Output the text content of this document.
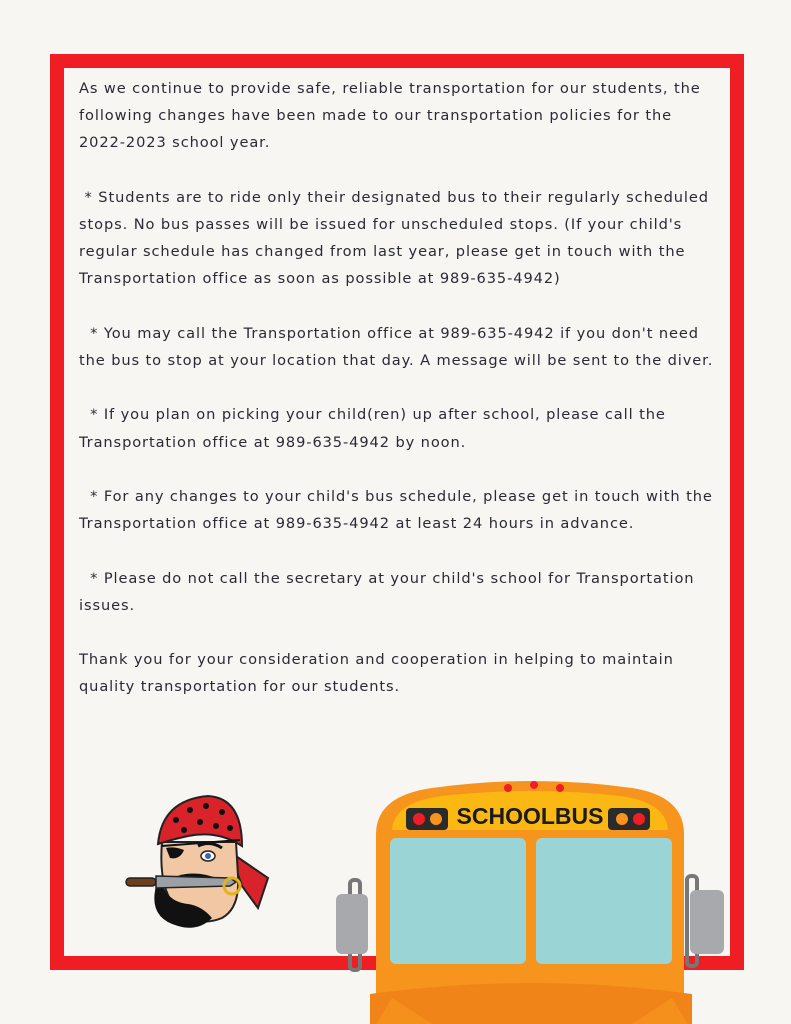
As we continue to provide safe, reliable transportation for our students, the following changes have been made to our transportation policies for the 2022-2023 school year.

* Students are to ride only their designated bus to their regularly scheduled stops. No bus passes will be issued for unscheduled stops. (If your child's regular schedule has changed from last year, please get in touch with the Transportation office as soon as possible at 989-635-4942)

* You may call the Transportation office at 989-635-4942 if you don't need the bus to stop at your location that day. A message will be sent to the diver.

* If you plan on picking your child(ren) up after school, please call the Transportation office at 989-635-4942 by noon.

* For any changes to your child's bus schedule, please get in touch with the Transportation office at 989-635-4942 at least 24 hours in advance.

* Please do not call the secretary at your child's school for Transportation issues.

Thank you for your consideration and cooperation in helping to maintain quality transportation for our students.

SCHOOLBUS
